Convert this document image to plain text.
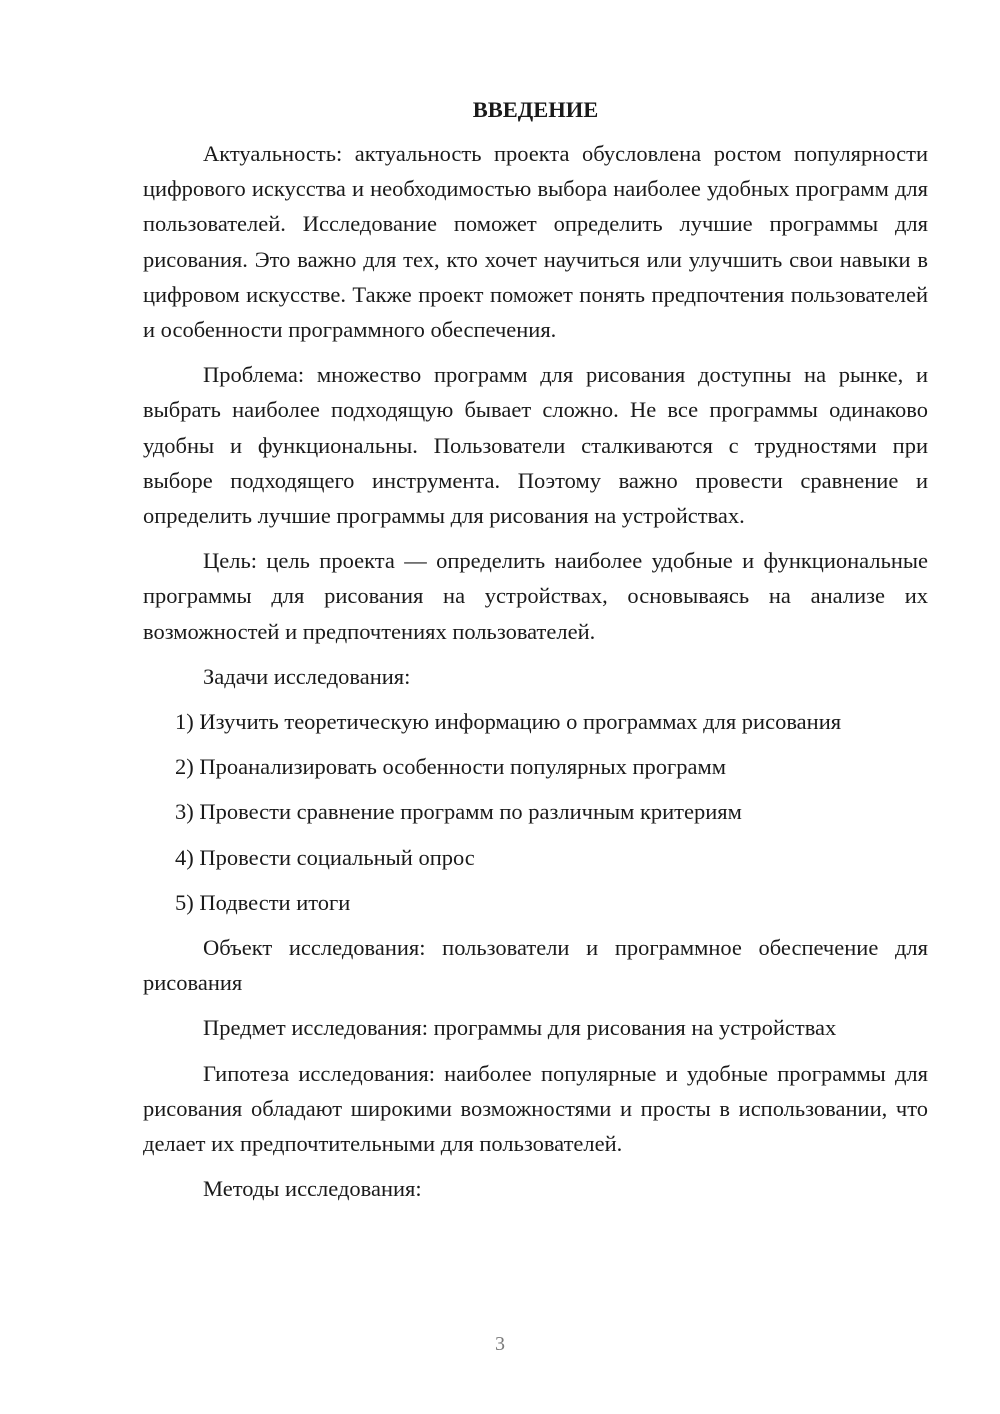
ВВЕДЕНИЕ

Актуальность: актуальность проекта обусловлена ростом популярности цифрового искусства и необходимостью выбора наиболее удобных программ для пользователей. Исследование поможет определить лучшие программы для рисования. Это важно для тех, кто хочет научиться или улучшить свои навыки в цифровом искусстве. Также проект поможет понять предпочтения пользователей и особенности программного обеспечения.

Проблема: множество программ для рисования доступны на рынке, и выбрать наиболее подходящую бывает сложно. Не все программы одинаково удобны и функциональны. Пользователи сталкиваются с трудностями при выборе подходящего инструмента. Поэтому важно провести сравнение и определить лучшие программы для рисования на устройствах.

Цель: цель проекта — определить наиболее удобные и функциональные программы для рисования на устройствах, основываясь на анализе их возможностей и предпочтениях пользователей.

Задачи исследования:

1) Изучить теоретическую информацию о программах для рисования
2) Проанализировать особенности популярных программ
3) Провести сравнение программ по различным критериям
4) Провести социальный опрос
5) Подвести итоги

Объект исследования: пользователи и программное обеспечение для рисования

Предмет исследования: программы для рисования на устройствах

Гипотеза исследования: наиболее популярные и удобные программы для рисования обладают широкими возможностями и просты в использовании, что делает их предпочтительными для пользователей.

Методы исследования:

3
